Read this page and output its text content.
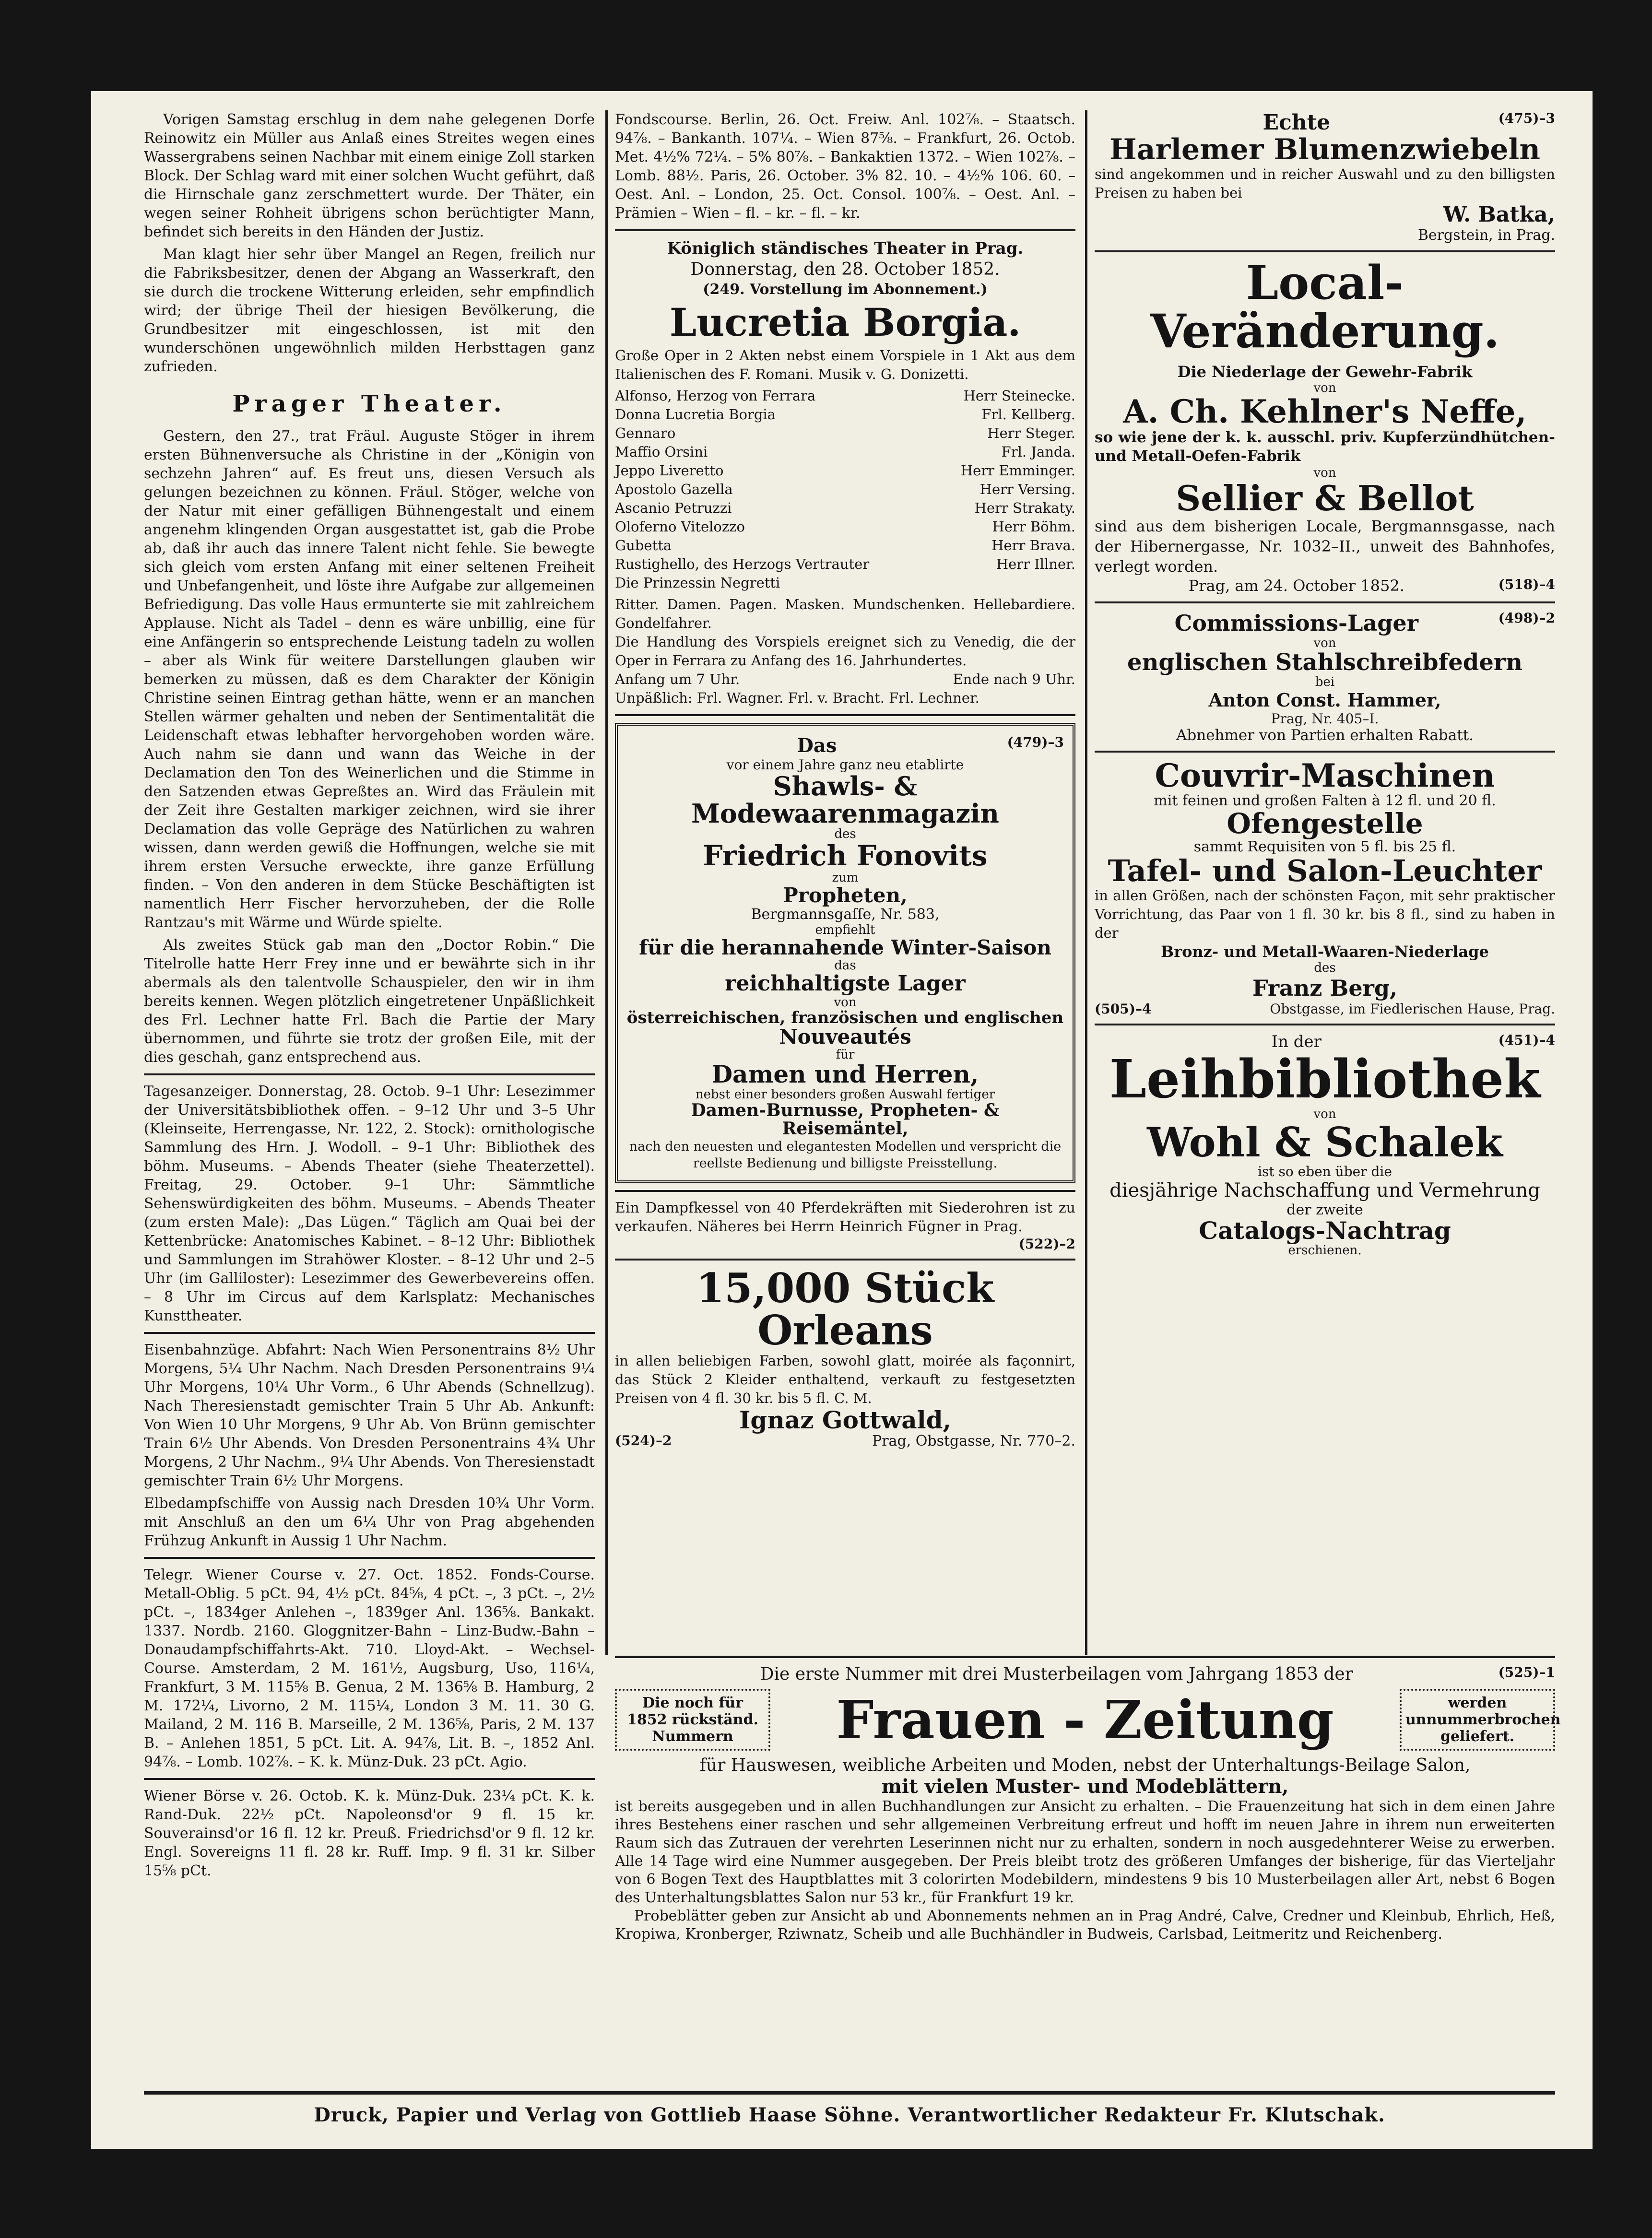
Vorigen Samstag erschlug in dem nahe gelegenen Dorfe Reinowitz ein Müller aus Anlaß eines Streites wegen eines Wassergrabens seinen Nachbar mit einem einige Zoll starken Block. Der Schlag ward mit einer solchen Wucht geführt, daß die Hirnschale ganz zerschmettert wurde. Der Thäter, ein wegen seiner Rohheit übrigens schon berüchtigter Mann, befindet sich bereits in den Händen der Justiz.

Man klagt hier sehr über Mangel an Regen, freilich nur die Fabriksbesitzer, denen der Abgang an Wasserkraft, den sie durch die trockene Witterung erleiden, sehr empfindlich wird; der übrige Theil der hiesigen Bevölkerung, die Grundbesitzer mit eingeschlossen, ist mit den wunderschönen ungewöhnlich milden Herbsttagen ganz zufrieden.

Prager Theater.

Gestern, den 27., trat Fräul. Auguste Stöger in ihrem ersten Bühnenversuche als Christine in der „Königin von sechzehn Jahren“ auf. Es freut uns, diesen Versuch als gelungen bezeichnen zu können. Fräul. Stöger, welche von der Natur mit einer gefälligen Bühnengestalt und einem angenehm klingenden Organ ausgestattet ist, gab die Probe ab, daß ihr auch das innere Talent nicht fehle. Sie bewegte sich gleich vom ersten Anfang mit einer seltenen Freiheit und Unbefangenheit, und löste ihre Aufgabe zur allgemeinen Befriedigung. Das volle Haus ermunterte sie mit zahlreichem Applause. Nicht als Tadel – denn es wäre unbillig, eine für eine Anfängerin so entsprechende Leistung tadeln zu wollen – aber als Wink für weitere Darstellungen glauben wir bemerken zu müssen, daß es dem Charakter der Königin Christine seinen Eintrag gethan hätte, wenn er an manchen Stellen wärmer gehalten und neben der Sentimentalität die Leidenschaft etwas lebhafter hervorgehoben worden wäre. Auch nahm sie dann und wann das Weiche in der Declamation den Ton des Weinerlichen und die Stimme in den Satzenden etwas Gepreßtes an. Wird das Fräulein mit der Zeit ihre Gestalten markiger zeichnen, wird sie ihrer Declamation das volle Gepräge des Natürlichen zu wahren wissen, dann werden gewiß die Hoffnungen, welche sie mit ihrem ersten Versuche erweckte, ihre ganze Erfüllung finden. – Von den anderen in dem Stücke Beschäftigten ist namentlich Herr Fischer hervorzuheben, der die Rolle Rantzau's mit Wärme und Würde spielte.

Als zweites Stück gab man den „Doctor Robin.“ Die Titelrolle hatte Herr Frey inne und er bewährte sich in ihr abermals als den talentvolle Schauspieler, den wir in ihm bereits kennen. Wegen plötzlich eingetretener Unpäßlichkeit des Frl. Lechner hatte Frl. Bach die Partie der Mary übernommen, und führte sie trotz der großen Eile, mit der dies geschah, ganz entsprechend aus.

Tagesanzeiger. Donnerstag, 28. Octob. 9–1 Uhr: Lesezimmer der Universitätsbibliothek offen. – 9–12 Uhr und 3–5 Uhr (Kleinseite, Herrengasse, Nr. 122, 2. Stock): ornithologische Sammlung des Hrn. J. Wodoll. – 9–1 Uhr: Bibliothek des böhm. Museums. – Abends Theater (siehe Theaterzettel). Freitag, 29. October. 9–1 Uhr: Sämmtliche Sehenswürdigkeiten des böhm. Museums. – Abends Theater (zum ersten Male): „Das Lügen.“ Täglich am Quai bei der Kettenbrücke: Anatomisches Kabinet. – 8–12 Uhr: Bibliothek und Sammlungen im Strahöwer Kloster. – 8–12 Uhr und 2–5 Uhr (im Galliloster): Lesezimmer des Gewerbevereins offen. – 8 Uhr im Circus auf dem Karlsplatz: Mechanisches Kunsttheater.

Eisenbahnzüge. Abfahrt: Nach Wien Personentrains 8½ Uhr Morgens, 5¼ Uhr Nachm. Nach Dresden Personentrains 9¼ Uhr Morgens, 10¼ Uhr Vorm., 6 Uhr Abends (Schnellzug). Nach Theresienstadt gemischter Train 5 Uhr Ab. Ankunft: Von Wien 10 Uhr Morgens, 9 Uhr Ab. Von Brünn gemischter Train 6½ Uhr Abends. Von Dresden Personentrains 4¾ Uhr Morgens, 2 Uhr Nachm., 9¼ Uhr Abends. Von Theresienstadt gemischter Train 6½ Uhr Morgens.

Elbedampfschiffe von Aussig nach Dresden 10¾ Uhr Vorm. mit Anschluß an den um 6¼ Uhr von Prag abgehenden Frühzug Ankunft in Aussig 1 Uhr Nachm.

Telegr. Wiener Course v. 27. Oct. 1852. Fonds-Course. Metall-Oblig. 5 pCt. 94, 4½ pCt. 84⅝, 4 pCt. –, 3 pCt. –, 2½ pCt. –, 1834ger Anlehen –, 1839ger Anl. 136⅝. Bankakt. 1337. Nordb. 2160. Gloggnitzer-Bahn – Linz-Budw.-Bahn – Donaudampfschiffahrts-Akt. 710. Lloyd-Akt. – Wechsel-Course. Amsterdam, 2 M. 161½, Augsburg, Uso, 116¼, Frankfurt, 3 M. 115⅝ B. Genua, 2 M. 136⅝ B. Hamburg, 2 M. 172¼, Livorno, 2 M. 115¼, London 3 M. 11. 30 G. Mailand, 2 M. 116 B. Marseille, 2 M. 136⅝, Paris, 2 M. 137 B. – Anlehen 1851, 5 pCt. Lit. A. 94⅞, Lit. B. –, 1852 Anl. 94⅞. – Lomb. 102⅞. – K. k. Münz-Duk. 23 pCt. Agio.

Wiener Börse v. 26. Octob. K. k. Münz-Duk. 23¼ pCt. K. k. Rand-Duk. 22½ pCt. Napoleonsd'or 9 fl. 15 kr. Souverainsd'or 16 fl. 12 kr. Preuß. Friedrichsd'or 9 fl. 12 kr. Engl. Sovereigns 11 fl. 28 kr. Ruff. Imp. 9 fl. 31 kr. Silber 15⅝ pCt.

Fondscourse. Berlin, 26. Oct. Freiw. Anl. 102⅞. – Staatsch. 94⅞. – Bankanth. 107¼. – Wien 87⅝. – Frankfurt, 26. Octob. Met. 4½% 72¼. – 5% 80⅞. – Bankaktien 1372. – Wien 102⅞. – Lomb. 88½. Paris, 26. October. 3% 82. 10. – 4½% 106. 60. – Oest. Anl. – London, 25. Oct. Consol. 100⅞. – Oest. Anl. – Prämien – Wien – fl. – kr. – fl. – kr.

Königlich ständisches Theater in Prag.
Donnerstag, den 28. October 1852.
(249. Vorstellung im Abonnement.)
Lucretia Borgia.

Große Oper in 2 Akten nebst einem Vorspiele in 1 Akt aus dem Italienischen des F. Romani. Musik v. G. Donizetti.

Alfonso, Herzog von Ferrara	Herr Steinecke.
Donna Lucretia Borgia	Frl. Kellberg.
Gennaro	Herr Steger.
Maffio Orsini	Frl. Janda.
Jeppo Liveretto	Herr Emminger.
Apostolo Gazella	Herr Versing.
Ascanio Petruzzi	Herr Strakaty.
Oloferno Vitelozzo	Herr Böhm.
Gubetta	Herr Brava.
Rustighello, des Herzogs Vertrauter	Herr Illner.
Die Prinzessin Negretti

Ritter. Damen. Pagen. Masken. Mundschenken. Hellebardiere. Gondelfahrer.

Die Handlung des Vorspiels ereignet sich zu Venedig, die der Oper in Ferrara zu Anfang des 16. Jahrhundertes.

Anfang um 7 Uhr.	Ende nach 9 Uhr.

Unpäßlich: Frl. Wagner. Frl. v. Bracht. Frl. Lechner.

Das	(479)–3
vor einem Jahre ganz neu etablirte
Shawls- & Modewaarenmagazin
des
Friedrich Fonovits
zum
Propheten,
Bergmannsgaſſe, Nr. 583,
empfiehlt
für die herannahende Winter-Saison
das
reichhaltigste Lager
von
österreichischen, französischen und englischen
Nouveautés
für
Damen und Herren,
nebst einer besonders großen Auswahl fertiger
Damen-Burnusse, Propheten- & Reisemäntel,
nach den neuesten und elegantesten Modellen und verspricht die reellste Bedienung und billigste Preisstellung.

Ein Dampfkessel von 40 Pferdekräften mit Siederohren ist zu verkaufen. Näheres bei Herrn Heinrich Fügner in Prag.

(522)–2
15,000 Stück Orleans

in allen beliebigen Farben, sowohl glatt, moirée als façonnirt, das Stück 2 Kleider enthaltend, verkauft zu festgesetzten Preisen von 4 fl. 30 kr. bis 5 fl. C. M.

Ignaz Gottwald,
(524)–2	Prag, Obstgasse, Nr. 770–2.
Echte	(475)–3
Harlemer Blumenzwiebeln

sind angekommen und in reicher Auswahl und zu den billigsten Preisen zu haben bei

W. Batka,
Bergstein, in Prag.
Local-Veränderung.
Die Niederlage der Gewehr-Fabrik
von
A. Ch. Kehlner's Neffe,

so wie jene der k. k. ausschl. priv. Kupferzündhütchen- und Metall-Oefen-Fabrik

von
Sellier & Bellot

sind aus dem bisherigen Locale, Bergmannsgasse, nach der Hibernergasse, Nr. 1032–II., unweit des Bahnhofes, verlegt worden.

Prag, am 24. October 1852.	(518)–4
Commissions-Lager	(498)–2
von
englischen Stahlschreibfedern
bei
Anton Const. Hammer,
Prag, Nr. 405–I.
Abnehmer von Partien erhalten Rabatt.
Couvrir-Maschinen
mit feinen und großen Falten à 12 fl. und 20 fl.
Ofengestelle
sammt Requisiten von 5 fl. bis 25 fl.
Tafel- und Salon-Leuchter

in allen Größen, nach der schönsten Façon, mit sehr praktischer Vorrichtung, das Paar von 1 fl. 30 kr. bis 8 fl., sind zu haben in der

Bronz- und Metall-Waaren-Niederlage
des
Franz Berg,
(505)–4	Obstgasse, im Fiedlerischen Hause, Prag.
In der	(451)–4
Leihbibliothek
von
Wohl & Schalek
ist so eben über die
diesjährige Nachschaffung und Vermehrung
der zweite
Catalogs-Nachtrag
erschienen.
Die erste Nummer mit drei Musterbeilagen vom Jahrgang 1853 der	(525)–1
Die noch für 1852 rückständ. Nummern	Frauen - Zeitung	werden unnummerbrochen geliefert.
für Hauswesen, weibliche Arbeiten und Moden, nebst der Unterhaltungs-Beilage Salon,
mit vielen Muster- und Modeblättern,

ist bereits ausgegeben und in allen Buchhandlungen zur Ansicht zu erhalten. – Die Frauenzeitung hat sich in dem einen Jahre ihres Bestehens einer raschen und sehr allgemeinen Verbreitung erfreut und hofft im neuen Jahre in ihrem nun erweiterten Raum sich das Zutrauen der verehrten Leserinnen nicht nur zu erhalten, sondern in noch ausgedehnterer Weise zu erwerben. Alle 14 Tage wird eine Nummer ausgegeben. Der Preis bleibt trotz des größeren Umfanges der bisherige, für das Vierteljahr von 6 Bogen Text des Hauptblattes mit 3 colorirten Modebildern, mindestens 9 bis 10 Musterbeilagen aller Art, nebst 6 Bogen des Unterhaltungsblattes Salon nur 53 kr., für Frankfurt 19 kr.

Probeblätter geben zur Ansicht ab und Abonnements nehmen an in Prag André, Calve, Credner und Kleinbub, Ehrlich, Heß, Kropiwa, Kronberger, Rziwnatz, Scheib und alle Buchhändler in Budweis, Carlsbad, Leitmeritz und Reichenberg.

Druck, Papier und Verlag von Gottlieb Haase Söhne. Verantwortlicher Redakteur Fr. Klutschak.
